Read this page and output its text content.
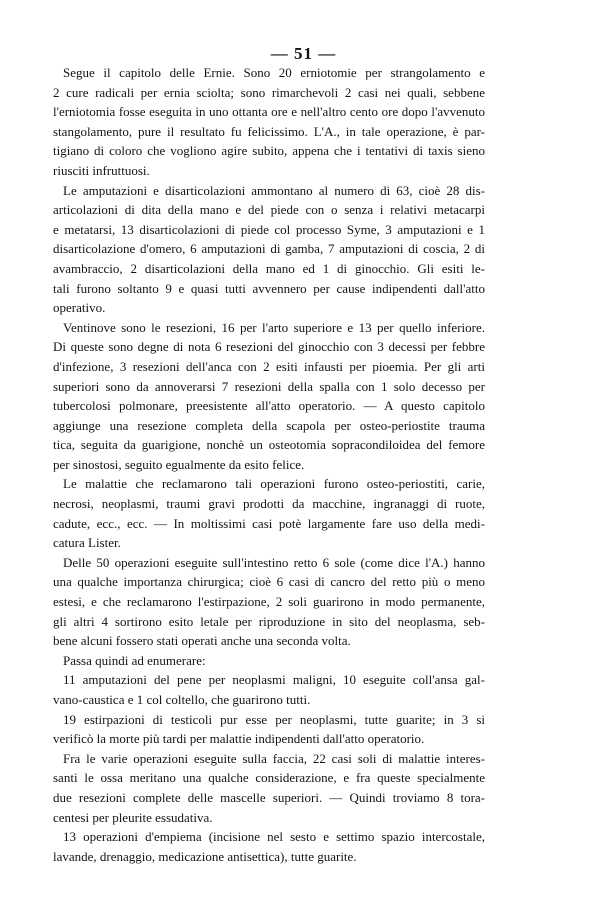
— 51 —

Segue il capitolo delle Ernie. Sono 20 erniotomie per strangolamento e
2 cure radicali per ernia sciolta; sono rimarchevoli 2 casi nei quali, sebbene
l'erniotomia fosse eseguita in uno ottanta ore e nell'altro cento ore dopo l'avvenuto
stangolamento, pure il resultato fu felicissimo. L'A., in tale operazione, è par-
tigiano di coloro che vogliono agire subito, appena che i tentativi di taxis sieno
riusciti infruttuosi.

Le amputazioni e disarticolazioni ammontano al numero di 63, cioè 28 dis-
articolazioni di dita della mano e del piede con o senza i relativi metacarpi
e metatarsi, 13 disarticolazioni di piede col processo Syme, 3 amputazioni e 1
disarticolazione d'omero, 6 amputazioni di gamba, 7 amputazioni di coscia, 2 di
avambraccio, 2 disarticolazioni della mano ed 1 di ginocchio. Gli esiti le-
tali furono soltanto 9 e quasi tutti avvennero per cause indipendenti dall'atto
operativo.

Ventinove sono le resezioni, 16 per l'arto superiore e 13 per quello inferiore.
Di queste sono degne di nota 6 resezioni del ginocchio con 3 decessi per febbre
d'infezione, 3 resezioni dell'anca con 2 esiti infausti per pioemia. Per gli arti
superiori sono da annoverarsi 7 resezioni della spalla con 1 solo decesso per
tubercolosi polmonare, preesistente all'atto operatorio. — A questo capitolo
aggiunge una resezione completa della scapola per osteo-periostite traumа
tica, seguita da guarigione, nonchè un osteotomia sopracondiloidea del femore
per sinostosi, seguito egualmente da esito felice.

Le malattie che reclamarono tali operazioni furono osteo-periostiti, carie,
necrosi, neoplasmi, traumi gravi prodotti da macchine, ingranaggi di ruote,
cadute, ecc., ecc. — In moltissimi casi potè largamente fare uso della medi-
catura Lister.

Delle 50 operazioni eseguite sull'intestino retto 6 sole (come dice l'A.) hanno
una qualche importanza chirurgica; cioè 6 casi di cancro del retto più o meno
estesi, e che reclamarono l'estirpazione, 2 soli guarirono in modo permanente,
gli altri 4 sortirono esito letale per riproduzione in sito del neoplasma, seb-
bene alcuni fossero stati operati anche una seconda volta.

Passa quindi ad enumerare:

11 amputazioni del pene per neoplasmi maligni, 10 eseguite coll'ansa gal-
vano-caustica e 1 col coltello, che guarirono tutti.

19 estirpazioni di testicoli pur esse per neoplasmi, tutte guarite; in 3 si
verificò la morte più tardi per malattie indipendenti dall'atto operatorio.

Fra le varie operazioni eseguite sulla faccia, 22 casi soli di malattie interes-
santi le ossa meritano una qualche considerazione, e fra queste specialmente
due resezioni complete delle mascelle superiori. — Quindi troviamo 8 tora-
centesi per pleurite essudativa.

13 operazioni d'empiema (incisione nel sesto e settimo spazio intercostale,
lavande, drenaggio, medicazione antisettica), tutte guarite.
